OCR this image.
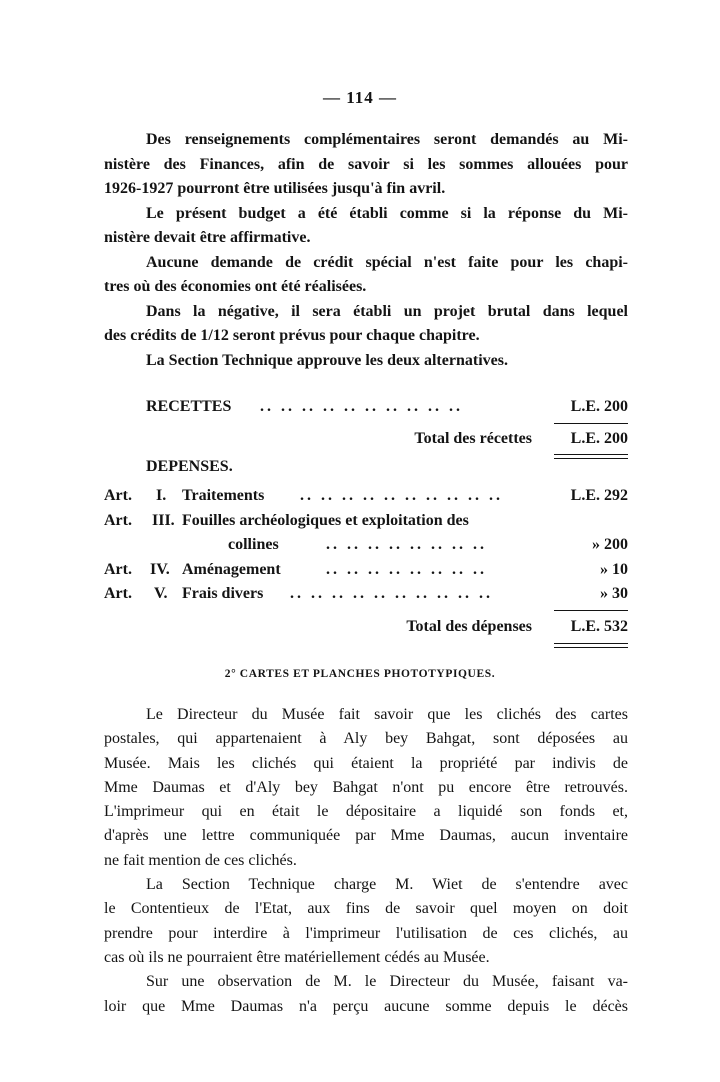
— 114 —
Des renseignements complémentaires seront demandés au Mi-
nistère des Finances, afin de savoir si les sommes allouées pour
1926-1927 pourront être utilisées jusqu'à fin avril.
Le présent budget a été établi comme si la réponse du Mi-
nistère devait être affirmative.
Aucune demande de crédit spécial n'est faite pour les chapi-
tres où des économies ont été réalisées.
Dans la négative, il sera établi un projet brutal dans lequel
des crédits de 1/12 seront prévus pour chaque chapitre.
La Section Technique approuve les deux alternatives.
RECETTES .. .. .. .. .. .. .. .. .. ..	L.E. 200
Total des récettes L.E. 200
DEPENSES.
Art. I. Traitements .. .. .. .. .. .. .. .. .. ..	L.E. 292
Art. III. Fouilles archéologiques et exploitation des
collines	.. .. .. .. .. .. .. ..	» 200
Art. IV. Aménagement	.. .. .. .. .. .. .. ..	» 10
Art. V. Frais divers .. .. .. .. .. .. .. .. .. ..	» 30
Total des dépenses L.E. 532
2° CARTES ET PLANCHES PHOTOTYPIQUES.
Le Directeur du Musée fait savoir que les clichés des cartes
postales, qui appartenaient à Aly bey Bahgat, sont déposées au
Musée. Mais les clichés qui étaient la propriété par indivis de
Mme Daumas et d'Aly bey Bahgat n'ont pu encore être retrouvés.
L'imprimeur qui en était le dépositaire a liquidé son fonds et,
d'après une lettre communiquée par Mme Daumas, aucun inventaire
ne fait mention de ces clichés.
La Section Technique charge M. Wiet de s'entendre avec
le Contentieux de l'Etat, aux fins de savoir quel moyen on doit
prendre pour interdire à l'imprimeur l'utilisation de ces clichés, au
cas où ils ne pourraient être matériellement cédés au Musée.
Sur une observation de M. le Directeur du Musée, faisant va-
loir que Mme Daumas n'a perçu aucune somme depuis le décès
